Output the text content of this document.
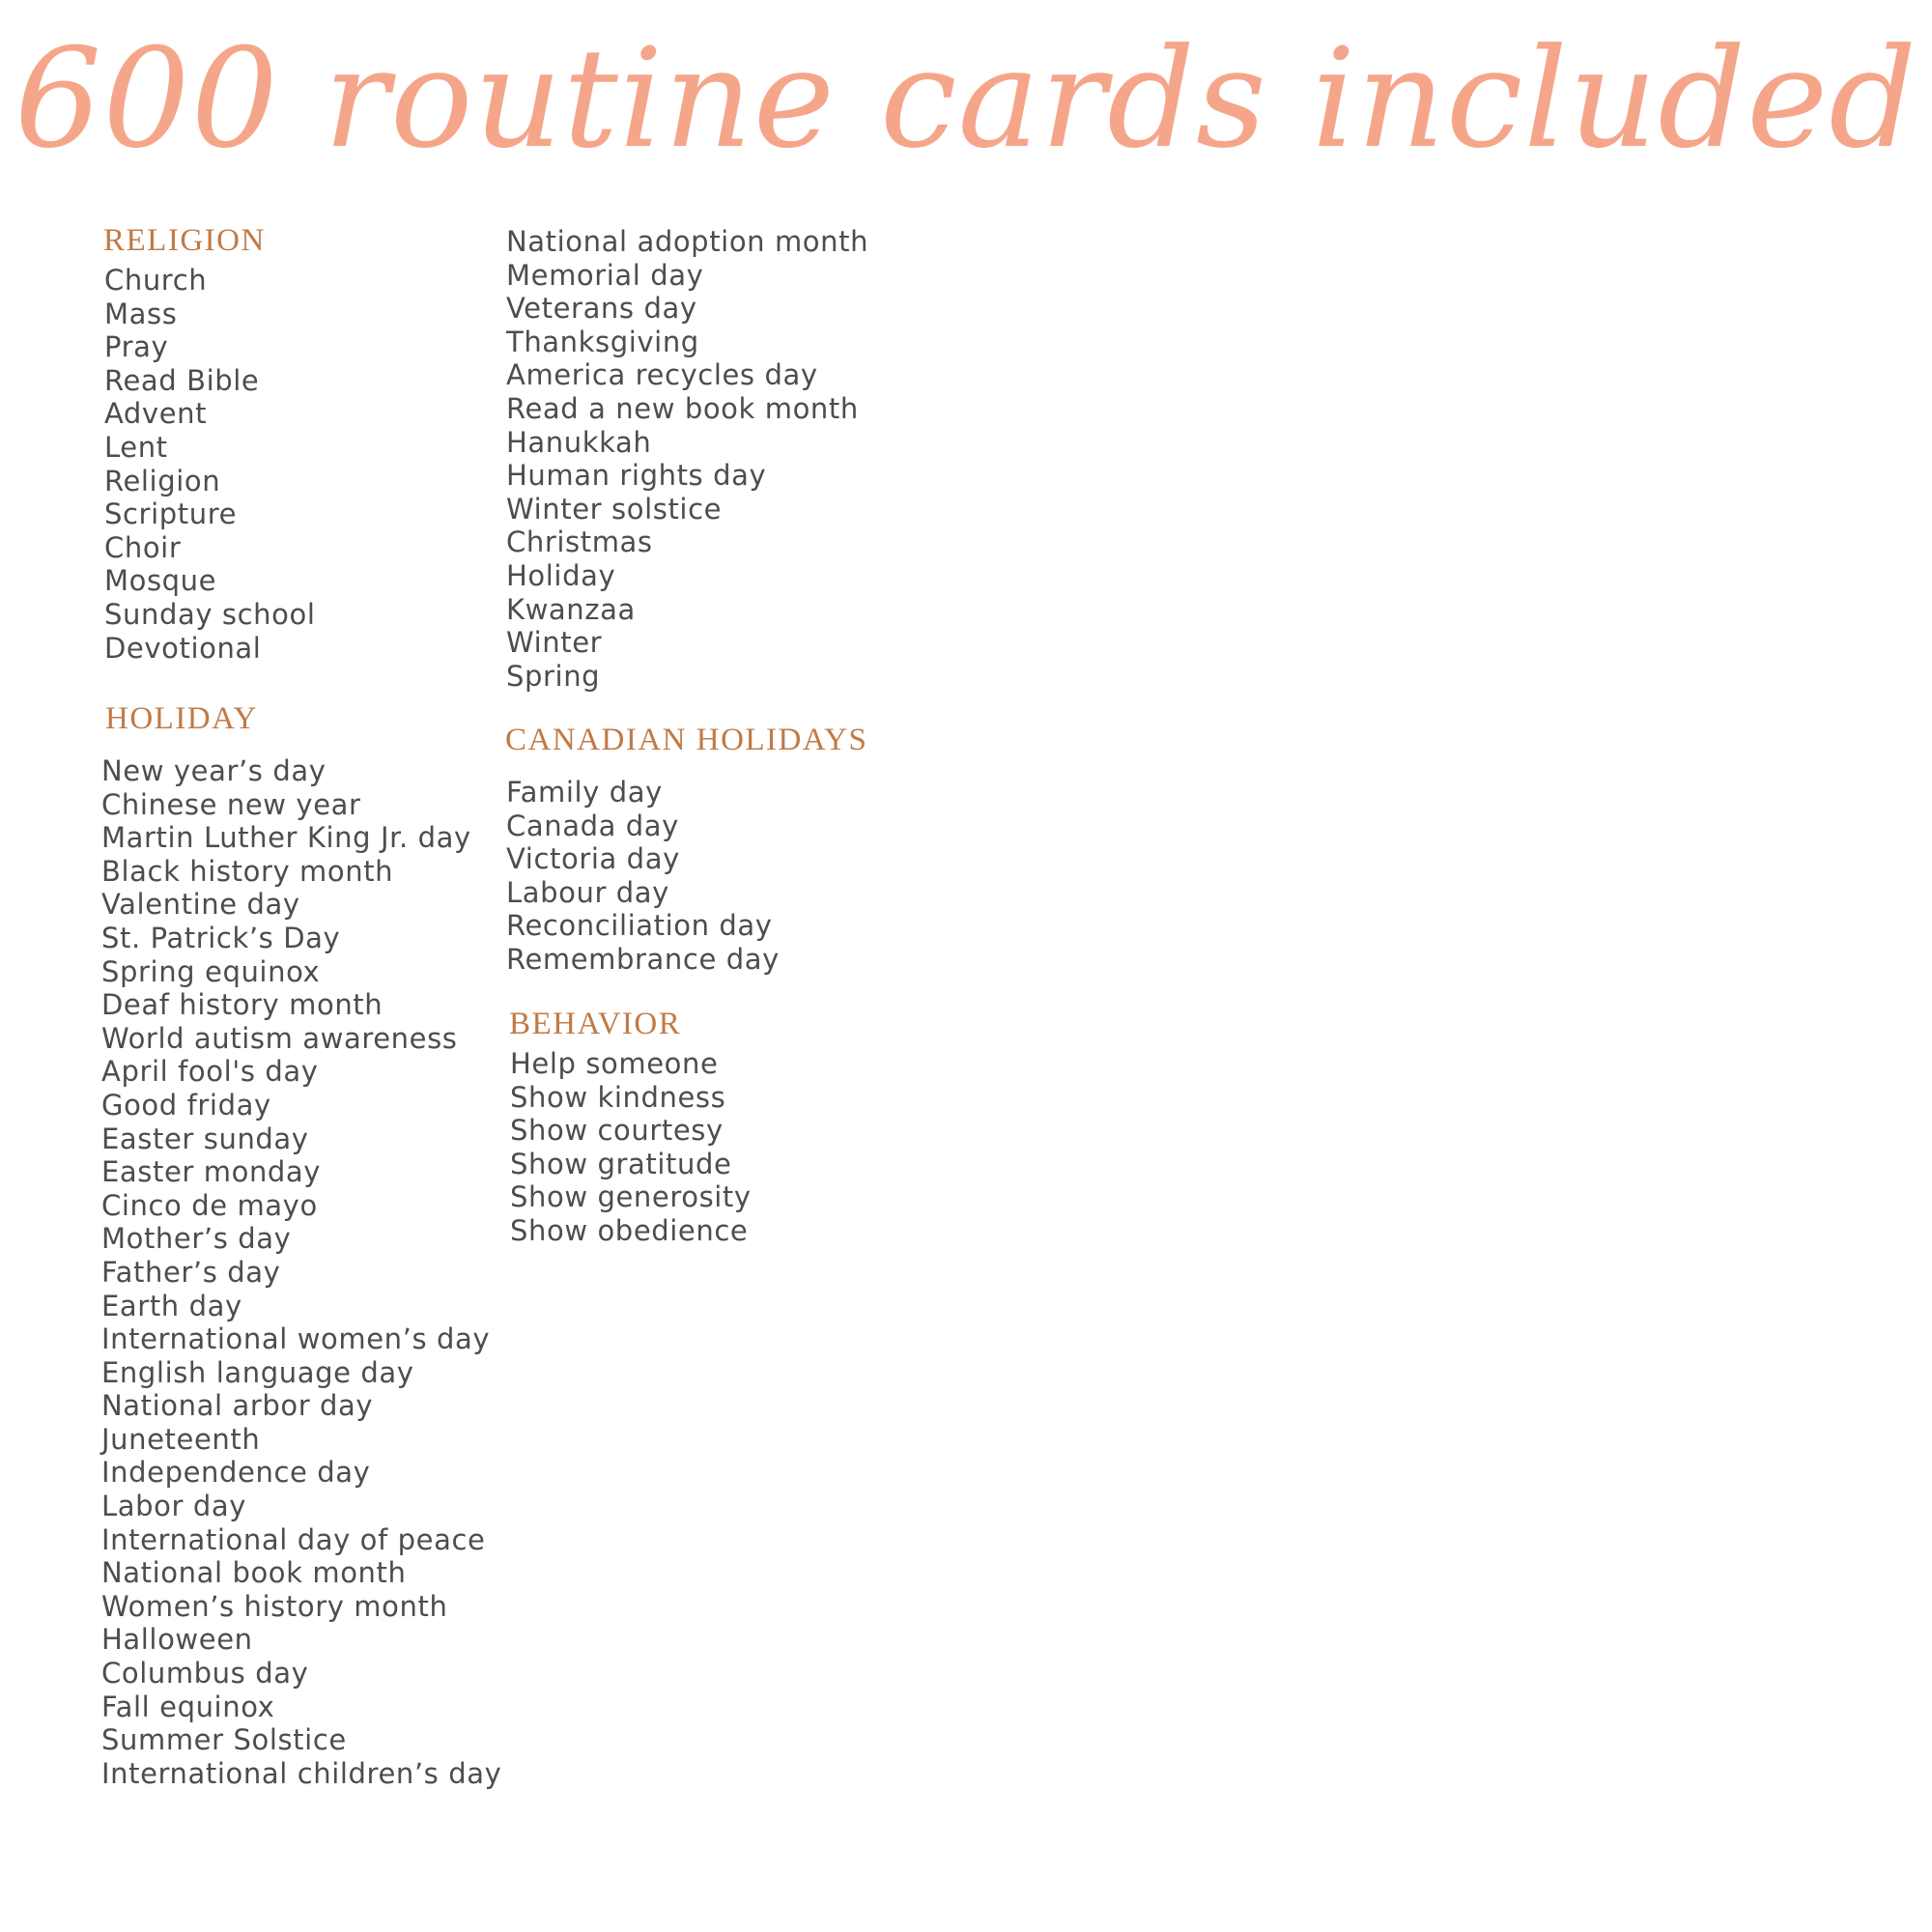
600 routine cards included
RELIGION
Church
Mass
Pray
Read Bible
Advent
Lent
Religion
Scripture
Choir
Mosque
Sunday school
Devotional
HOLIDAY
New year’s day
Chinese new year
Martin Luther King Jr. day
Black history month
Valentine day
St. Patrick’s Day
Spring equinox
Deaf history month
World autism awareness
April fool's day
Good friday
Easter sunday
Easter monday
Cinco de mayo
Mother’s day
Father’s day
Earth day
International women’s day
English language day
National arbor day
Juneteenth
Independence day
Labor day
International day of peace
National book month
Women’s history month
Halloween
Columbus day
Fall equinox
Summer Solstice
International children’s day
National adoption month
Memorial day
Veterans day
Thanksgiving
America recycles day
Read a new book month
Hanukkah
Human rights day
Winter solstice
Christmas
Holiday
Kwanzaa
Winter
Spring
CANADIAN HOLIDAYS
Family day
Canada day
Victoria day
Labour day
Reconciliation day
Remembrance day
BEHAVIOR
Help someone
Show kindness
Show courtesy
Show gratitude
Show generosity
Show obedience
